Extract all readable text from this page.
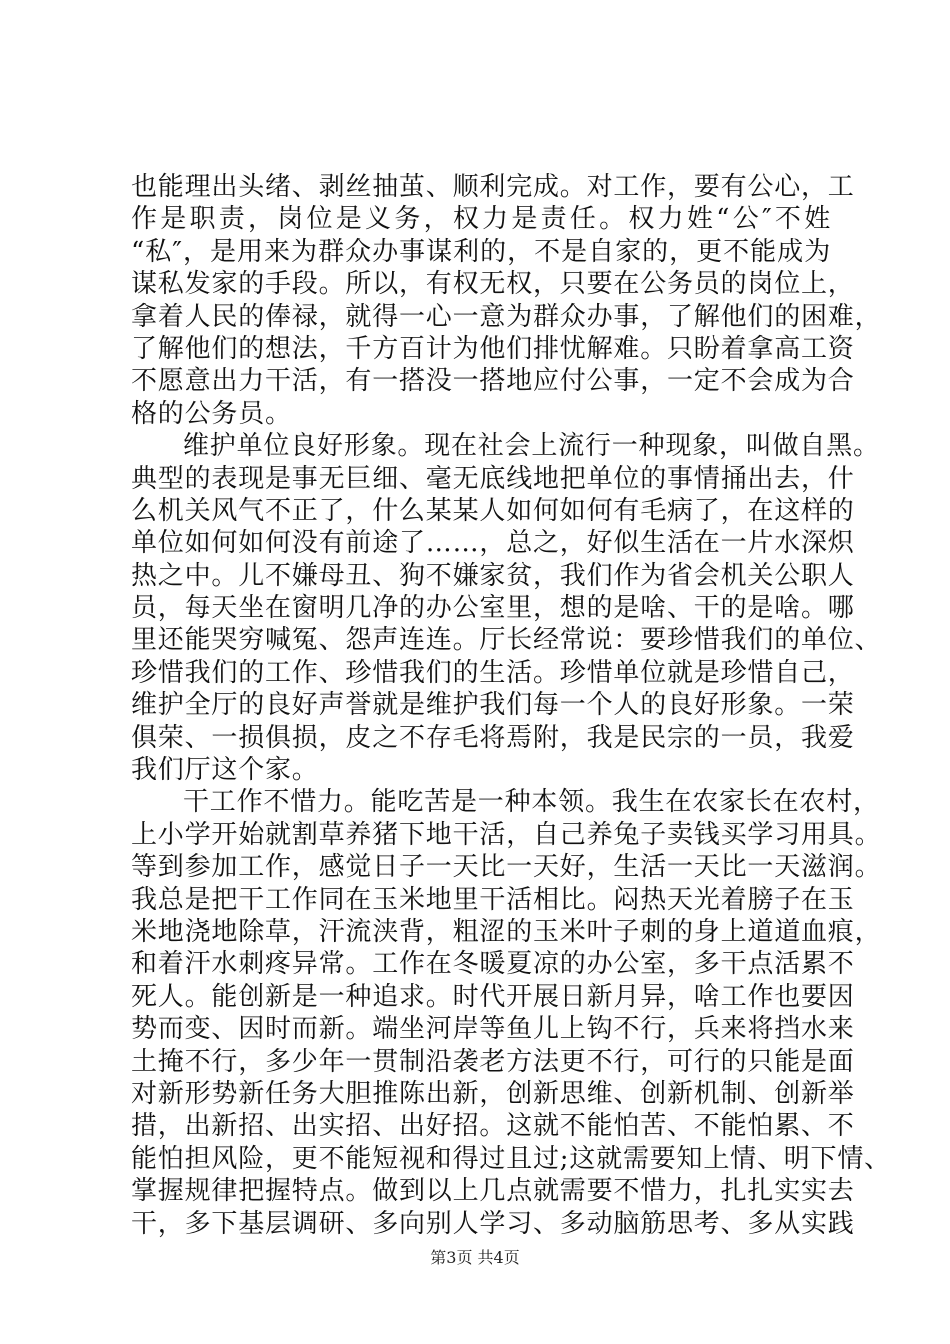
也能理出头绪、剥丝抽茧、顺利完成。对工作，要有公心，工
作是职责，岗位是义务，权力是责任。权力姓“公″不姓
“私″，是用来为群众办事谋利的，不是自家的，更不能成为
谋私发家的手段。所以，有权无权，只要在公务员的岗位上，
拿着人民的俸禄，就得一心一意为群众办事，了解他们的困难，
了解他们的想法，千方百计为他们排忧解难。只盼着拿高工资
不愿意出力干活，有一搭没一搭地应付公事，一定不会成为合
格的公务员。
维护单位良好形象。现在社会上流行一种现象，叫做自黑。
典型的表现是事无巨细、毫无底线地把单位的事情捅出去，什
么机关风气不正了，什么某某人如何如何有毛病了，在这样的
单位如何如何没有前途了……，总之，好似生活在一片水深炽
热之中。儿不嫌母丑、狗不嫌家贫，我们作为省会机关公职人
员，每天坐在窗明几净的办公室里，想的是啥、干的是啥。哪
里还能哭穷喊冤、怨声连连。厅长经常说：要珍惜我们的单位、
珍惜我们的工作、珍惜我们的生活。珍惜单位就是珍惜自己，
维护全厅的良好声誉就是维护我们每一个人的良好形象。一荣
俱荣、一损俱损，皮之不存毛将焉附，我是民宗的一员，我爱
我们厅这个家。
干工作不惜力。能吃苦是一种本领。我生在农家长在农村，
上小学开始就割草养猪下地干活，自己养兔子卖钱买学习用具。
等到参加工作，感觉日子一天比一天好，生活一天比一天滋润。
我总是把干工作同在玉米地里干活相比。闷热天光着膀子在玉
米地浇地除草，汗流浃背，粗涩的玉米叶子刺的身上道道血痕，
和着汗水刺疼异常。工作在冬暖夏凉的办公室，多干点活累不
死人。能创新是一种追求。时代开展日新月异，啥工作也要因
势而变、因时而新。端坐河岸等鱼儿上钩不行，兵来将挡水来
土掩不行，多少年一贯制沿袭老方法更不行，可行的只能是面
对新形势新任务大胆推陈出新，创新思维、创新机制、创新举
措，出新招、出实招、出好招。这就不能怕苦、不能怕累、不
能怕担风险，更不能短视和得过且过;这就需要知上情、明下情、
掌握规律把握特点。做到以上几点就需要不惜力，扎扎实实去
干，多下基层调研、多向别人学习、多动脑筋思考、多从实践
第3页 共4页
